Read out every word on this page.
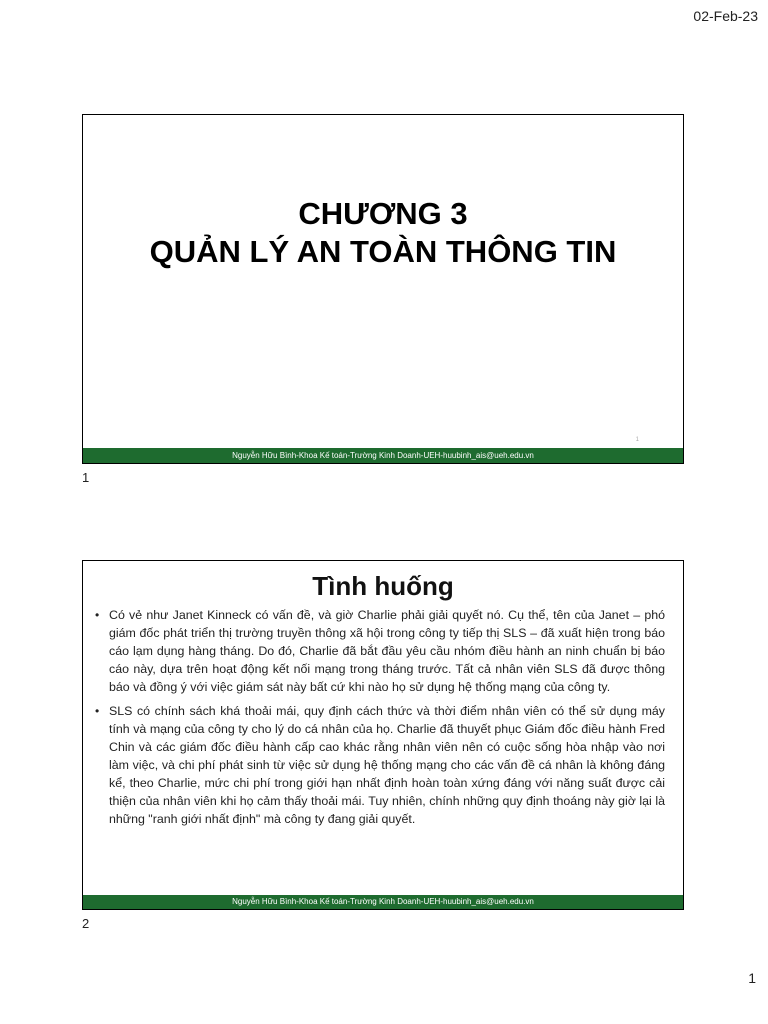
02-Feb-23
CHƯƠNG 3
QUẢN LÝ AN TOÀN THÔNG TIN
1
Nguyễn Hữu Bình-Khoa Kế toán-Trường Kinh Doanh-UEH-huubinh_ais@ueh.edu.vn
1
Tình huống
• Có vẻ như Janet Kinneck có vấn đề, và giờ Charlie phải giải quyết nó. Cụ thể, tên của Janet – phó giám đốc phát triển thị trường truyền thông xã hội trong công ty tiếp thị SLS – đã xuất hiện trong báo cáo lạm dụng hàng tháng. Do đó, Charlie đã bắt đầu yêu cầu nhóm điều hành an ninh chuẩn bị báo cáo này, dựa trên hoạt động kết nối mạng trong tháng trước. Tất cả nhân viên SLS đã được thông báo và đồng ý với việc giám sát này bất cứ khi nào họ sử dụng hệ thống mạng của công ty.
• SLS có chính sách khá thoải mái, quy định cách thức và thời điểm nhân viên có thể sử dụng máy tính và mạng của công ty cho lý do cá nhân của họ. Charlie đã thuyết phục Giám đốc điều hành Fred Chin và các giám đốc điều hành cấp cao khác rằng nhân viên nên có cuộc sống hòa nhập vào nơi làm việc, và chi phí phát sinh từ việc sử dụng hệ thống mạng cho các vấn đề cá nhân là không đáng kể, theo Charlie, mức chi phí trong giới hạn nhất định hoàn toàn xứng đáng với năng suất được cải thiện của nhân viên khi họ cảm thấy thoải mái. Tuy nhiên, chính những quy định thoáng này giờ lại là những "ranh giới nhất định" mà công ty đang giải quyết.
Nguyễn Hữu Bình-Khoa Kế toán-Trường Kinh Doanh-UEH-huubinh_ais@ueh.edu.vn
2
1
